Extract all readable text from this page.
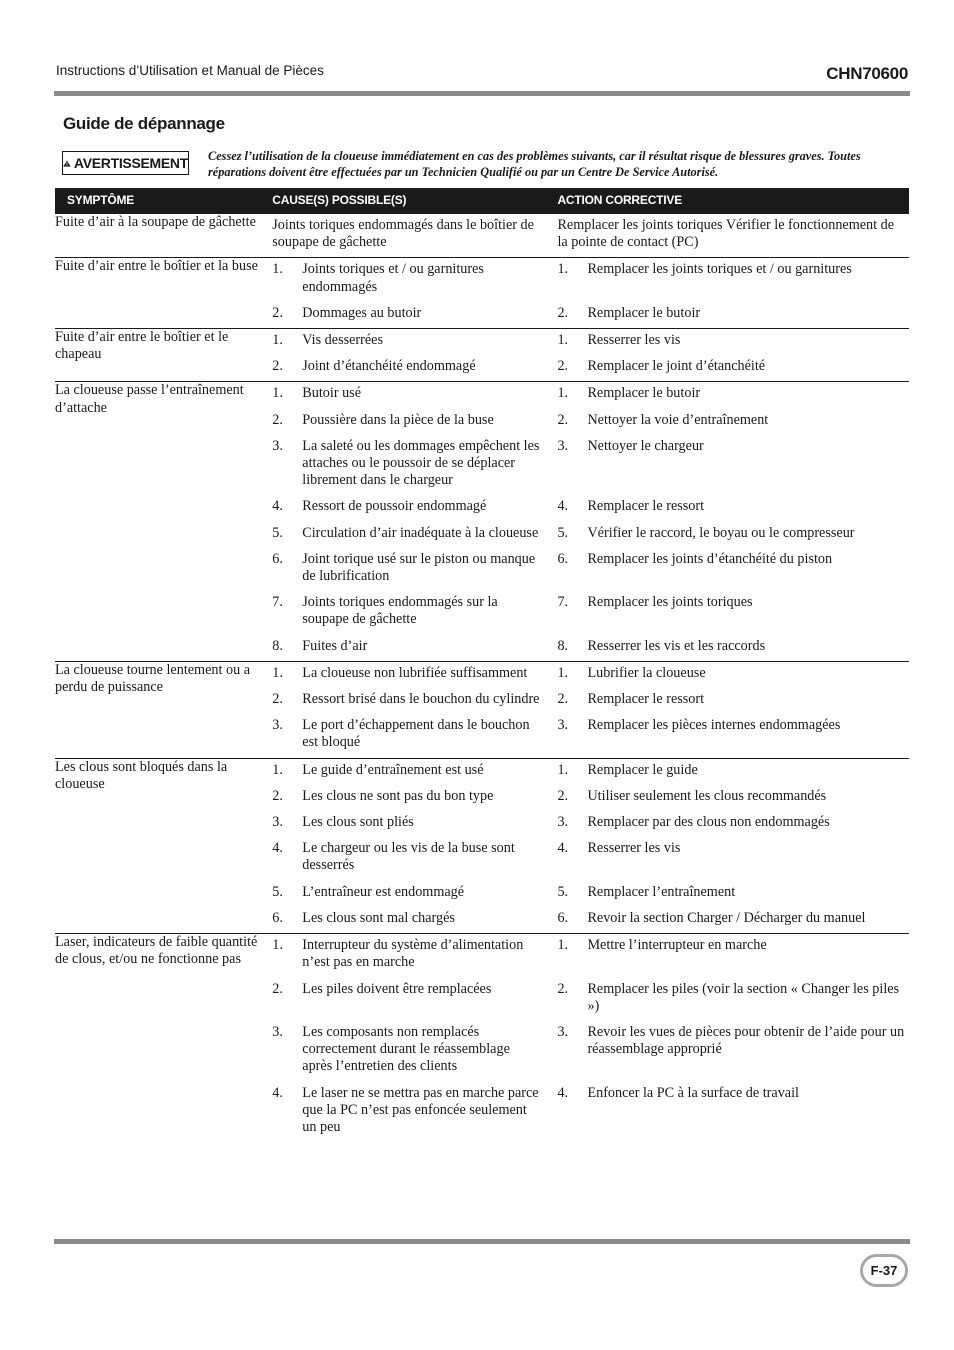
Instructions d’Utilisation et Manual de Pièces	CHN70600
Guide de dépannage
AVERTISSEMENT Cessez l’utilisation de la cloueuse immédiatement en cas des problèmes suivants, car il résultat risque de blessures graves. Toutes réparations doivent être effectuées par un Technicien Qualifié ou par un Centre De Service Autorisé.
SYMPTÔME	CAUSE(S) POSSIBLE(S)	ACTION CORRECTIVE
Fuite d’air à la soupape de gâchette	Joints toriques endommagés dans le boîtier de soupape de gâchette	Remplacer les joints toriques Vérifier le fonctionnement de la pointe de contact (PC)

Fuite d’air entre le boîtier et la buse	1. Joints toriques et / ou garnitures endommagés	1. Remplacer les joints toriques et / ou garnitures

	2. Dommages au butoir	2. Remplacer le butoir

Fuite d’air entre le boîtier et le chapeau	1. Vis desserrées	1. Resserrer les vis

	2. Joint d’étanchéité endommagé	2. Remplacer le joint d’étanchéité

La cloueuse passe l’entraînement d’attache	1. Butoir usé	1. Remplacer le butoir

	2. Poussière dans la pièce de la buse	2. Nettoyer la voie d’entraînement

	3. La saleté ou les dommages empêchent les attaches ou le poussoir de se déplacer librement dans le chargeur	3. Nettoyer le chargeur

	4. Ressort de poussoir endommagé	4. Remplacer le ressort

	5. Circulation d’air inadéquate à la cloueuse	5. Vérifier le raccord, le boyau ou le compresseur

	6. Joint torique usé sur le piston ou manque de lubrification	6. Remplacer les joints d’étanchéité du piston

	7. Joints toriques endommagés sur la soupape de gâchette	7. Remplacer les joints toriques

	8. Fuites d’air	8. Resserrer les vis et les raccords

La cloueuse tourne lentement ou a perdu de puissance	1. La cloueuse non lubrifiée suffisamment	1. Lubrifier la cloueuse

	2. Ressort brisé dans le bouchon du cylindre	2. Remplacer le ressort

	3. Le port d’échappement dans le bouchon est bloqué	3. Remplacer les pièces internes endommagées

Les clous sont bloqués dans la cloueuse	1. Le guide d’entraînement est usé	1. Remplacer le guide

	2. Les clous ne sont pas du bon type	2. Utiliser seulement les clous recommandés

	3. Les clous sont pliés	3. Remplacer par des clous non endommagés

	4. Le chargeur ou les vis de la buse sont desserrés	4. Resserrer les vis

	5. L’entraîneur est endommagé	5. Remplacer l’entraînement

	6. Les clous sont mal chargés	6. Revoir la section Charger / Décharger du manuel

Laser, indicateurs de faible quantité de clous, et/ou ne fonctionne pas	1. Interrupteur du système d’alimentation n’est pas en marche	1. Mettre l’interrupteur en marche

	2. Les piles doivent être remplacées	2. Remplacer les piles (voir la section « Changer les piles »)

	3. Les composants non remplacés correctement durant le réassemblage après l’entretien des clients	3. Revoir les vues de pièces pour obtenir de l’aide pour un réassemblage approprié

	4. Le laser ne se mettra pas en marche parce que la PC n’est pas enfoncée seulement un peu	4. Enfoncer la PC à la surface de travail
F-37
